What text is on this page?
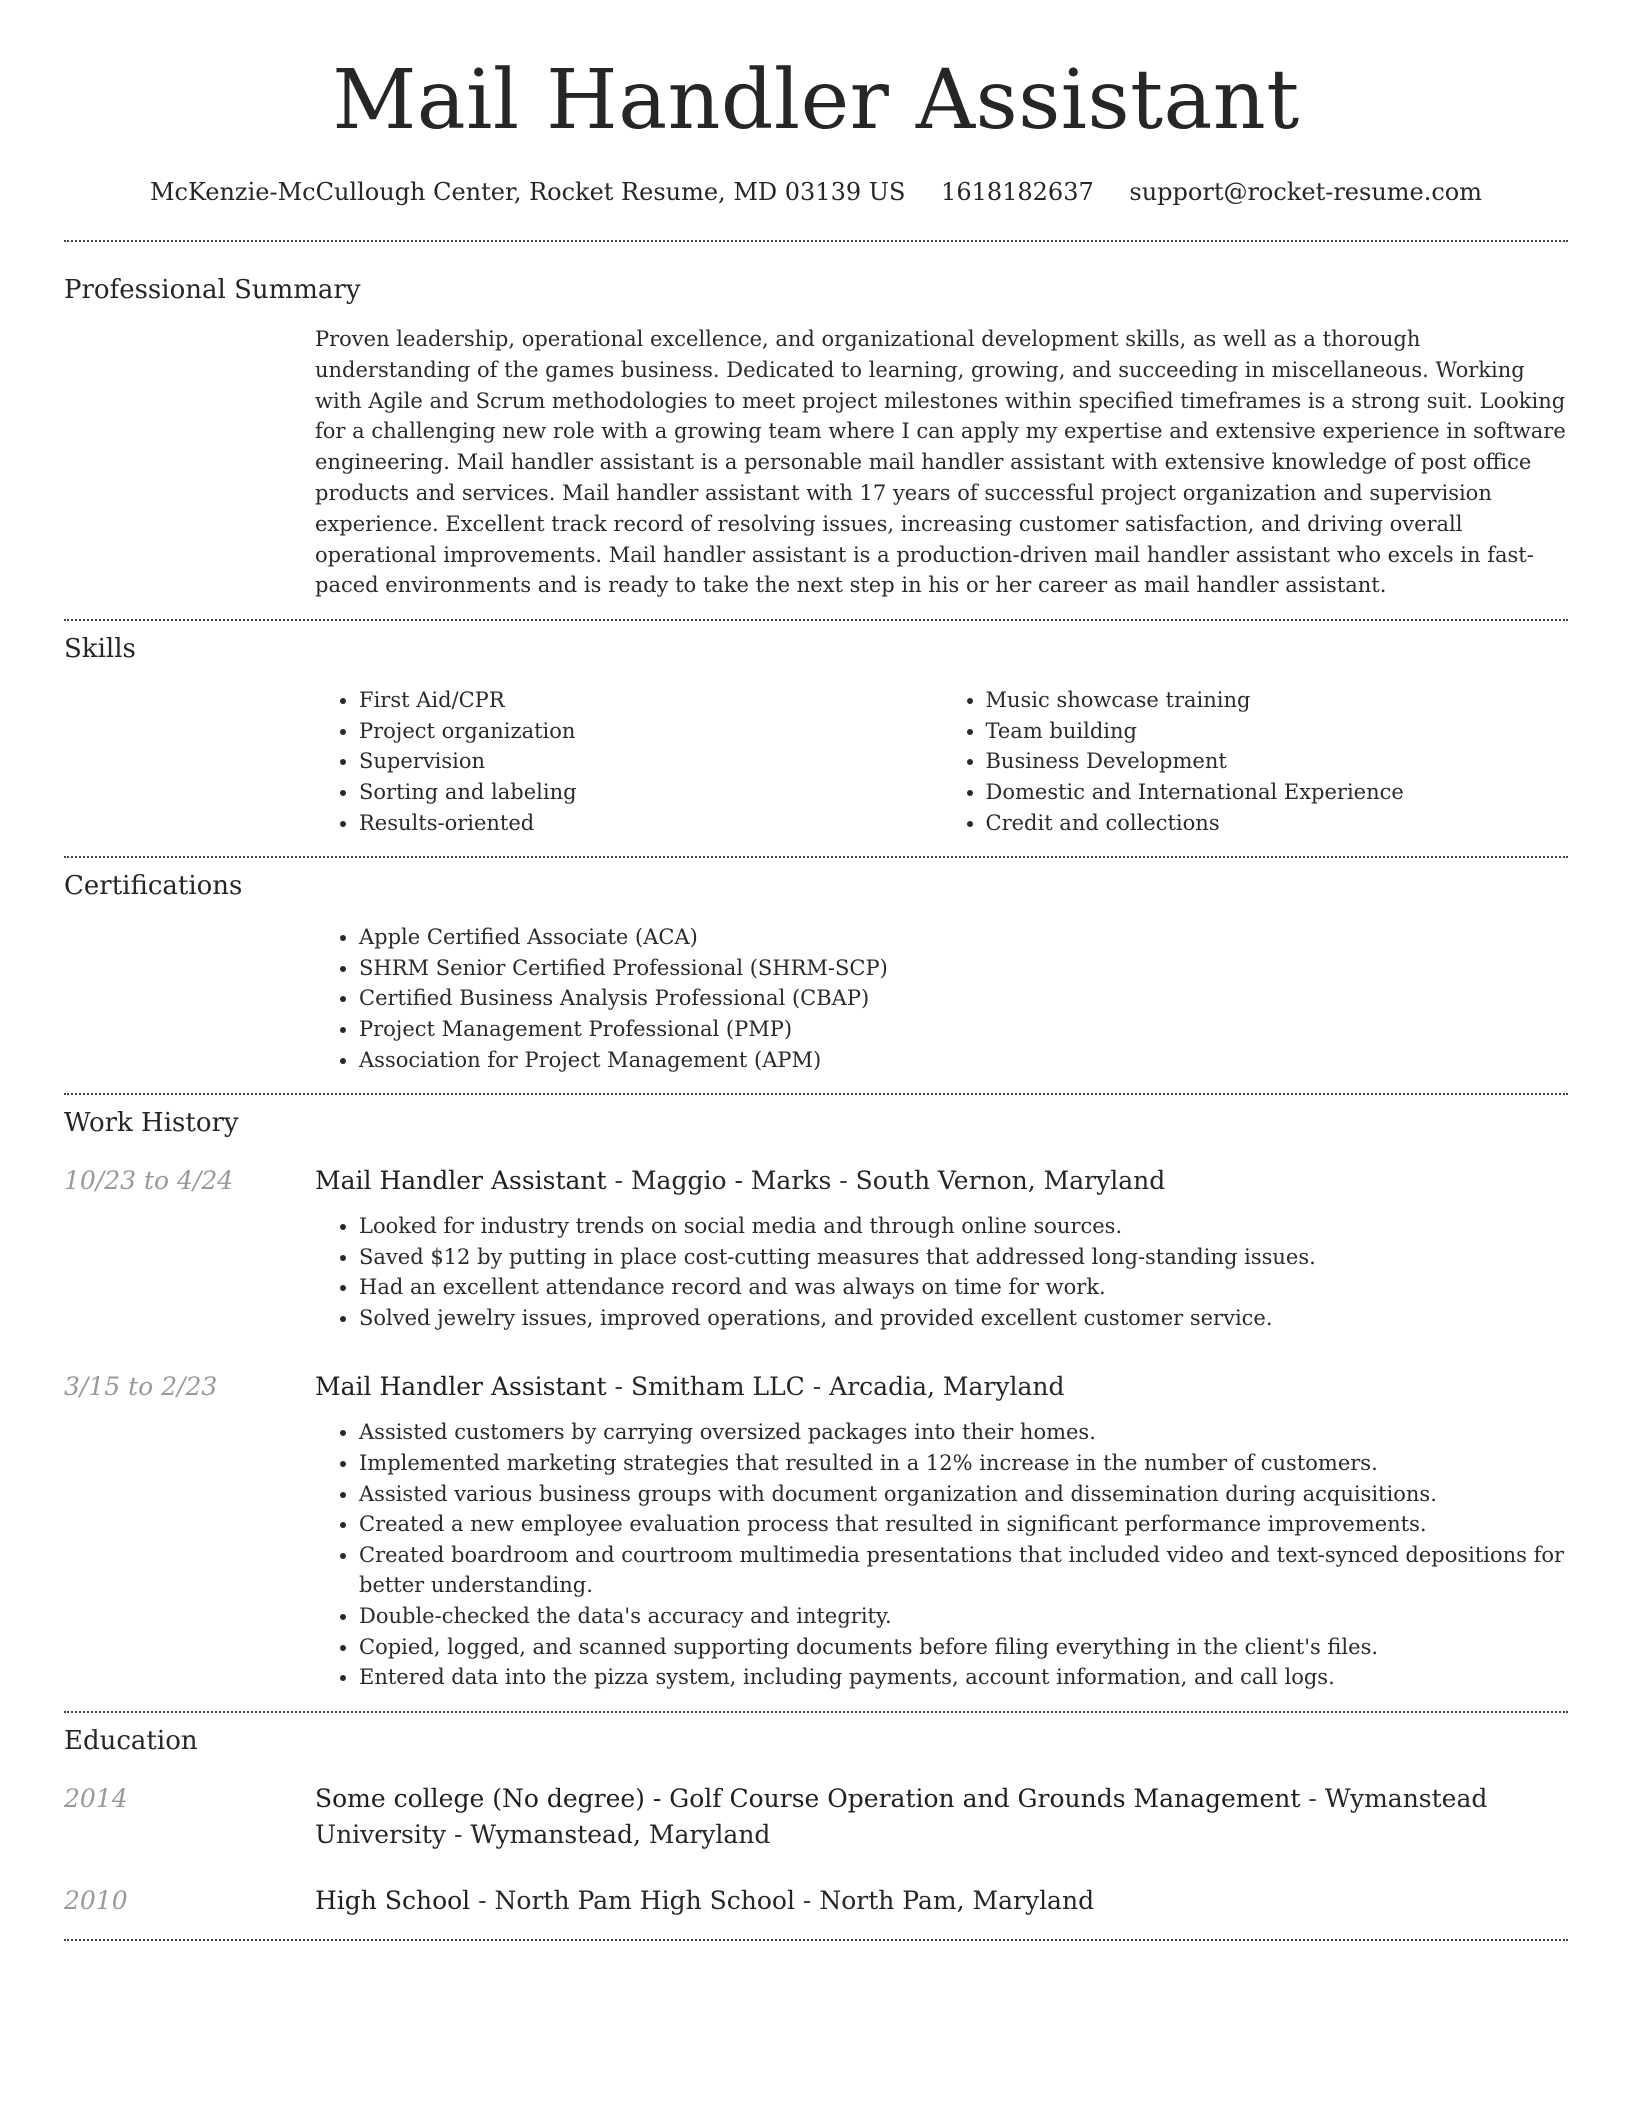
Mail Handler Assistant
McKenzie-McCullough Center, Rocket Resume, MD 03139 US 1618182637 support@rocket-resume.com
Professional Summary

Proven leadership, operational excellence, and organizational development skills, as well as a thorough understanding of the games business. Dedicated to learning, growing, and succeeding in miscellaneous. Working with Agile and Scrum methodologies to meet project milestones within specified timeframes is a strong suit. Looking for a challenging new role with a growing team where I can apply my expertise and extensive experience in software engineering. Mail handler assistant is a personable mail handler assistant with extensive knowledge of post office products and services. Mail handler assistant with 17 years of successful project organization and supervision experience. Excellent track record of resolving issues, increasing customer satisfaction, and driving overall operational improvements. Mail handler assistant is a production-driven mail handler assistant who excels in fast-paced environments and is ready to take the next step in his or her career as mail handler assistant.

Skills
• First Aid/CPR
• Project organization
• Supervision
• Sorting and labeling
• Results-oriented
• Music showcase training
• Team building
• Business Development
• Domestic and International Experience
• Credit and collections
Certifications
• Apple Certified Associate (ACA)
• SHRM Senior Certified Professional (SHRM-SCP)
• Certified Business Analysis Professional (CBAP)
• Project Management Professional (PMP)
• Association for Project Management (APM)
Work History
10/23 to 4/24	Mail Handler Assistant - Maggio - Marks - South Vernon, Maryland
• Looked for industry trends on social media and through online sources.
• Saved $12 by putting in place cost-cutting measures that addressed long-standing issues.
• Had an excellent attendance record and was always on time for work.
• Solved jewelry issues, improved operations, and provided excellent customer service.
3/15 to 2/23	Mail Handler Assistant - Smitham LLC - Arcadia, Maryland
• Assisted customers by carrying oversized packages into their homes.
• Implemented marketing strategies that resulted in a 12% increase in the number of customers.
• Assisted various business groups with document organization and dissemination during acquisitions.
• Created a new employee evaluation process that resulted in significant performance improvements.
• Created boardroom and courtroom multimedia presentations that included video and text-synced depositions for better understanding.
• Double-checked the data's accuracy and integrity.
• Copied, logged, and scanned supporting documents before filing everything in the client's files.
• Entered data into the pizza system, including payments, account information, and call logs.
Education
2014	Some college (No degree) - Golf Course Operation and Grounds Management - Wymanstead University - Wymanstead, Maryland
2010	High School - North Pam High School - North Pam, Maryland
